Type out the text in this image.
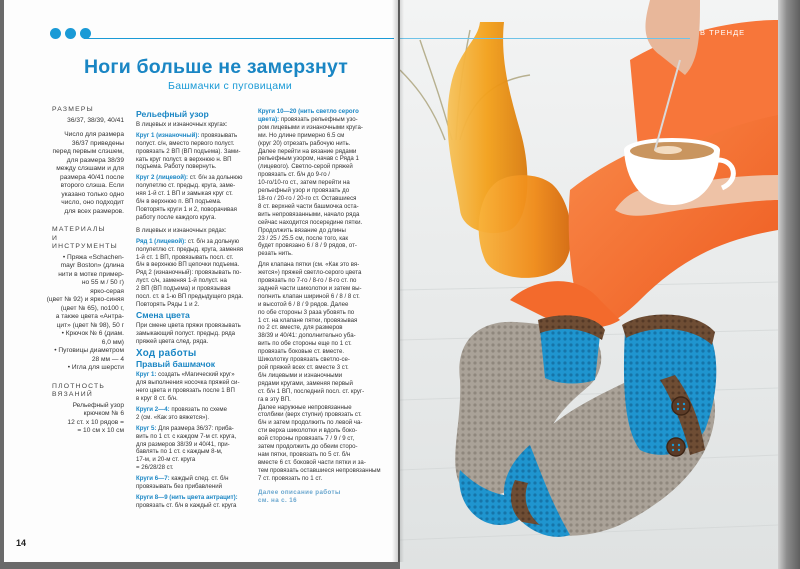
Ноги больше не замерзнут
Башмачки с пуговицами
РАЗМЕРЫ

36/37, 38/39, 40/41

Число для размера
36/37 приведены
перед первым слэшем,
для размера 38/39
между слэшами и для
размера 40/41 после
второго слэша. Если
указано только одно
число, оно подходит
для всех размеров.

МАТЕРИАЛЫ
И ИНСТРУМЕНТЫ

• Пряжа «Schachen-
mayr Boston» (длина
нити в мотке пример-
но 55 м / 50 г)
ярко-серая
(цвет № 92) и ярко-синяя
(цвет № 65), по100 г,
а также цвета «Антра-
цит» (цвет № 98), 50 г
• Крючок № 6 (диам.
6,0 мм)
• Пуговицы диаметром
28 мм — 4
• Игла для шерсти

ПЛОТНОСТЬ
ВЯЗАНИЙ

Рельефный узор
крючком № 6
12 ст. х 10 рядов =
= 10 см х 10 см

Рельефный узор
В лицевых и изнаночных кругах:
Круг 1 (изнаночный): провязывать
полуст. с/н, вместо первого полуст.
провязать 2 ВП (ВП подъема). Зами-
кать круг полуст. в верхнюю н. ВП
подъема. Работу повернуть.
Круг 2 (лицевой): ст. б/н за дольнюю
полупетлю ст. предыд. круга, зaмe-
няя 1-й ст. 1 ВП и замыкая круг ст.
б/н в верхнюю п. ВП подъема.
Повторять круги 1 и 2, поворачивая
работу после каждого круга.
В лицевых и изнаночных рядах:
Ряд 1 (лицевой): ст. б/н за дольную
полупетлю ст. предыд. круга, заменяя
1-й ст. 1 ВП, провязывать посл. ст.
б/н в верхнюю ВП цепочки подъема.
Ряд 2 (изнаночный): провязывать по-
луст. с/н, заменяя 1-й полуст. на
2 ВП (ВП подъема) и провязывая
посл. ст. в 1-ю ВП предыдущего ряда.
Повторять Ряды 1 и 2.
Смена цвета
При смене цвета пряжи провязывать
замыкающий полуст. предыд. ряда
пряжей цвета след. ряда.
Ход работы
Правый башмачок
Круг 1: создать «Магический круг»
для выполнения носочка пряжей си-
него цвета и провязать после 1 ВП
в круг 8 ст. б/н.
Круги 2—4: провязать по схеме
2 (см. «Как это вяжется»).
Круг 5: Для размера 36/37: приба-
вить по 1 ст. с каждом 7-м ст. круга,
для размеров 38/39 и 40/41, при-
бавлять по 1 ст. с каждым 8-м,
17-м, и 20-м ст. круга
= 26/28/28 ст.
Круги 6—7: каждый след. ст. б/н
провязывать без прибавлений
Круги 8—9 (нить цвета антрацит):
провязать ст. б/н в каждый ст. круга
Круги 10—20 (нить светло серого
цвета): провязать рельефным узо-
ром лицевыми и изнаночными кругa-
ми. Но длине примерно 6.5 см
(круг 20) отрезать рабочую нить.
Далее перейти на вязание рядами
рельефным узором, начав с Ряда 1
(лицевого). Светло-серой пряжей
провязать ст. б/н до 9-го /
10-го/10-го ст., затем перейти на
рельефный узор и провязать до
18-го / 20-го / 20-го ст. Оставшиеся
8 ст. верхней части башмочка оста-
вить непровязанными, начало ряда
сейчас находится посередине пятки.
Продолжить вязание до длины
23 / 25 / 25.5 см, после того, как
будет провязано 6 / 8 / 9 рядов, от-
резать нить.
Для клапана пятки (см. «Как это вя-
жется») пряжей светло-серого цвета
провязать по 7-го / 8-го / 8-го ст. по
задней части шиколотки и затем вы-
полнить клапан шириной 6 / 8 / 8 ст.
и высотой 6 / 8 / 9 рядов. Далее
по обе стороны 3 раза убовять по
1 ст. на клапане пятки, провязывая
по 2 ст. вместе, для размеров
38/39 и 40/41: дополнительно убa-
вить по обе стороны еще по 1 ст.
провязать боковые ст. вместе.
Шиколотку провязать светло-се-
рой пряжей всех ст. вместе 3 ст.
б/н лицевыми и изнаночными
рядами кругами, заменяя первый
ст. б/н 1 ВП, последний посл. ст. круг-
га в эту ВП.
Далее наружные непровязанные
столбики (верх ступни) провязать ст.
б/н и затем продолжить по левой ча-
сти верха шиколотки и вдоль боко-
вой стороны провязать 7 / 9 / 9 ст,
затем продолжить до обеим сторо-
нам пятки, провязать по 5 ст. б/н
вместе 6 ст. боковой части пятки и за-
тем провязать оставшиеся непровязанным
7 ст. провязать по 1 ст.
Далее описание работы
см. на с. 16
14
В ТРЕНДЕ
